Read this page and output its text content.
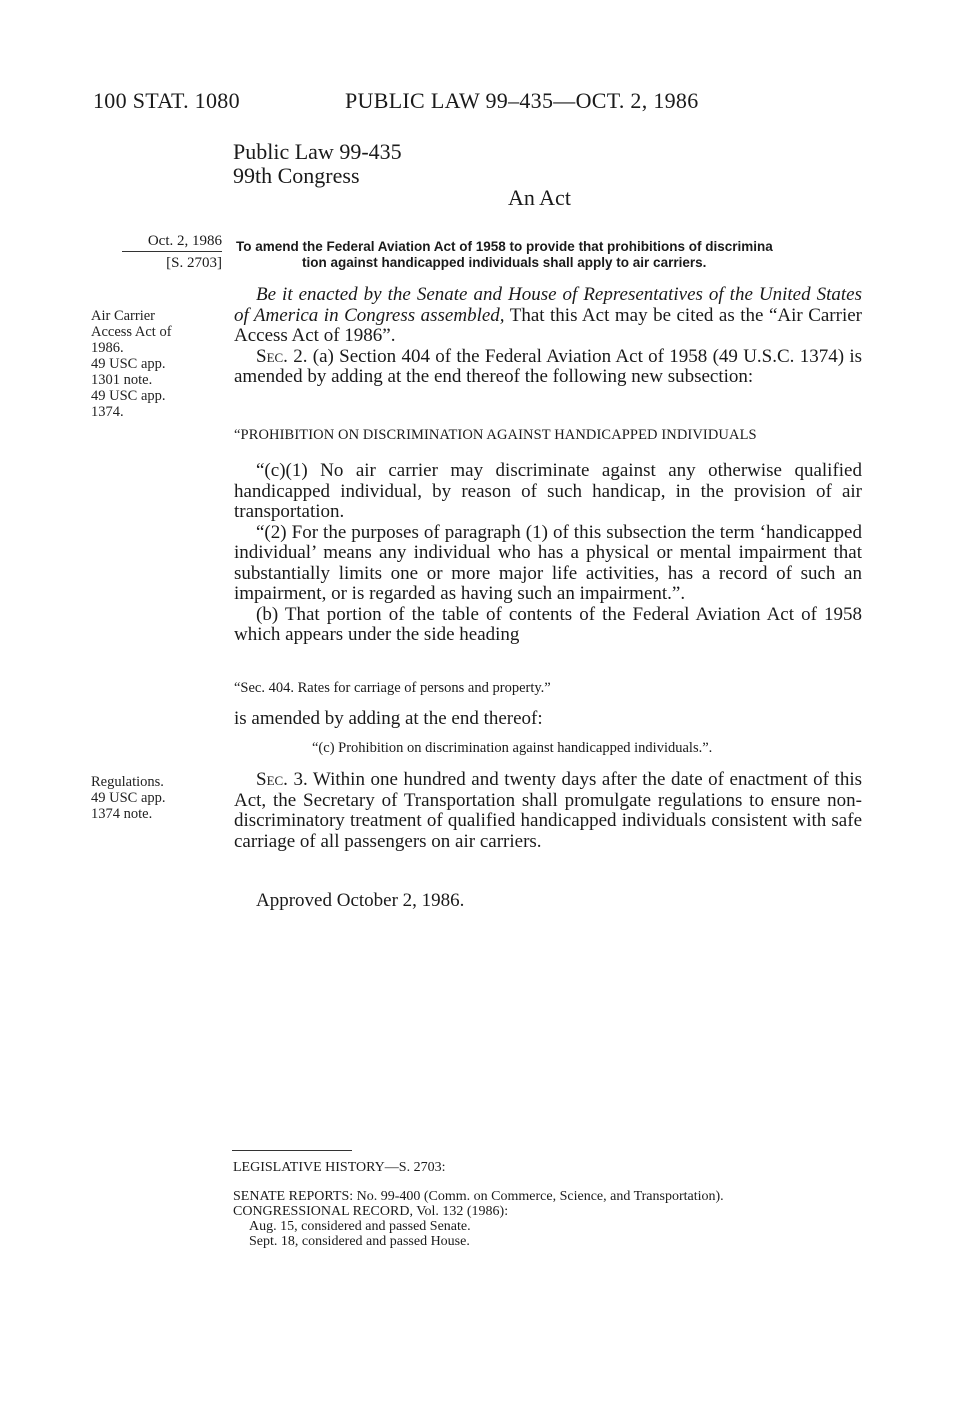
100 STAT. 1080	PUBLIC LAW 99–435—OCT. 2, 1986
Public Law 99-435
99th Congress
An Act
Oct. 2, 1986
[S. 2703]
To amend the Federal Aviation Act of 1958 to provide that prohibitions of discrimina
tion against handicapped individuals shall apply to air carriers.
Air Carrier
Access Act of
1986.
49 USC app.
1301 note.
49 USC app.
1374.

Be it enacted by the Senate and House of Representatives of the United States of America in Congress assembled, That this Act may be cited as the “Air Carrier Access Act of 1986”.

Sec. 2. (a) Section 404 of the Federal Aviation Act of 1958 (49 U.S.C. 1374) is amended by adding at the end thereof the following new subsection:

“PROHIBITION ON DISCRIMINATION AGAINST HANDICAPPED INDIVIDUALS

“(c)(1) No air carrier may discriminate against any otherwise qualified handicapped individual, by reason of such handicap, in the provision of air transportation.

“(2) For the purposes of paragraph (1) of this subsection the term ‘handicapped individual’ means any individual who has a physical or mental impairment that substantially limits one or more major life activities, has a record of such an impairment, or is regarded as having such an impairment.”.

(b) That portion of the table of contents of the Federal Aviation Act of 1958 which appears under the side heading

“Sec. 404. Rates for carriage of persons and property.”
is amended by adding at the end thereof:
“(c) Prohibition on discrimination against handicapped individuals.”.
Regulations.
49 USC app.
1374 note.

Sec. 3. Within one hundred and twenty days after the date of enactment of this Act, the Secretary of Transportation shall promulgate regulations to ensure non-discriminatory treatment of qualified handicapped individuals consistent with safe carriage of all passengers on air carriers.

Approved October 2, 1986.
LEGISLATIVE HISTORY—S. 2703:
SENATE REPORTS: No. 99-400 (Comm. on Commerce, Science, and Transportation).
CONGRESSIONAL RECORD, Vol. 132 (1986):
Aug. 15, considered and passed Senate.
Sept. 18, considered and passed House.
